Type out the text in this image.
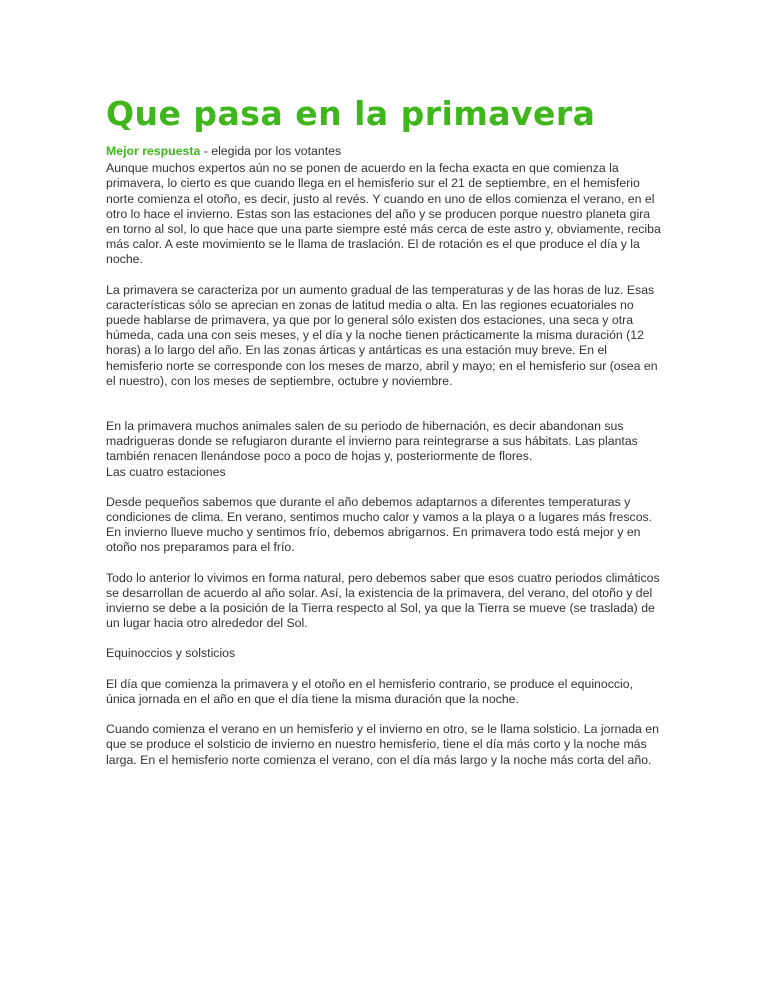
Que pasa en la primavera

Mejor respuesta - elegida por los votantes

Aunque muchos expertos aún no se ponen de acuerdo en la fecha exacta en que comienza la primavera, lo cierto es que cuando llega en el hemisferio sur el 21 de septiembre, en el hemisferio norte comienza el otoño, es decir, justo al revés. Y cuando en uno de ellos comienza el verano, en el otro lo hace el invierno. Estas son las estaciones del año y se producen porque nuestro planeta gira en torno al sol, lo que hace que una parte siempre esté más cerca de este astro y, obviamente, reciba más calor. A este movimiento se le llama de traslación. El de rotación es el que produce el día y la noche.

La primavera se caracteriza por un aumento gradual de las temperaturas y de las horas de luz. Esas características sólo se aprecian en zonas de latitud media o alta. En las regiones ecuatoriales no puede hablarse de primavera, ya que por lo general sólo existen dos estaciones, una seca y otra húmeda, cada una con seis meses, y el día y la noche tienen prácticamente la misma duración (12 horas) a lo largo del año. En las zonas árticas y antárticas es una estación muy breve. En el hemisferio norte se corresponde con los meses de marzo, abril y mayo; en el hemisferio sur (osea en el nuestro), con los meses de septiembre, octubre y noviembre.

En la primavera muchos animales salen de su periodo de hibernación, es decir abandonan sus madrigueras donde se refugiaron durante el invierno para reintegrarse a sus hábitats. Las plantas también renacen llenándose poco a poco de hojas y, posteriormente de flores.

Las cuatro estaciones

Desde pequeños sabemos que durante el año debemos adaptarnos a diferentes temperaturas y condiciones de clima. En verano, sentimos mucho calor y vamos a la playa o a lugares más frescos. En invierno llueve mucho y sentimos frío, debemos abrigarnos. En primavera todo está mejor y en otoño nos preparamos para el frío.

Todo lo anterior lo vivimos en forma natural, pero debemos saber que esos cuatro periodos climáticos se desarrollan de acuerdo al año solar. Así, la existencia de la primavera, del verano, del otoño y del invierno se debe a la posición de la Tierra respecto al Sol, ya que la Tierra se mueve (se traslada) de un lugar hacia otro alrededor del Sol.

Equinoccios y solsticios

El día que comienza la primavera y el otoño en el hemisferio contrario, se produce el equinoccio, única jornada en el año en que el día tiene la misma duración que la noche.

Cuando comienza el verano en un hemisferio y el invierno en otro, se le llama solsticio. La jornada en que se produce el solsticio de invierno en nuestro hemisferio, tiene el día más corto y la noche más larga. En el hemisferio norte comienza el verano, con el día más largo y la noche más corta del año.
